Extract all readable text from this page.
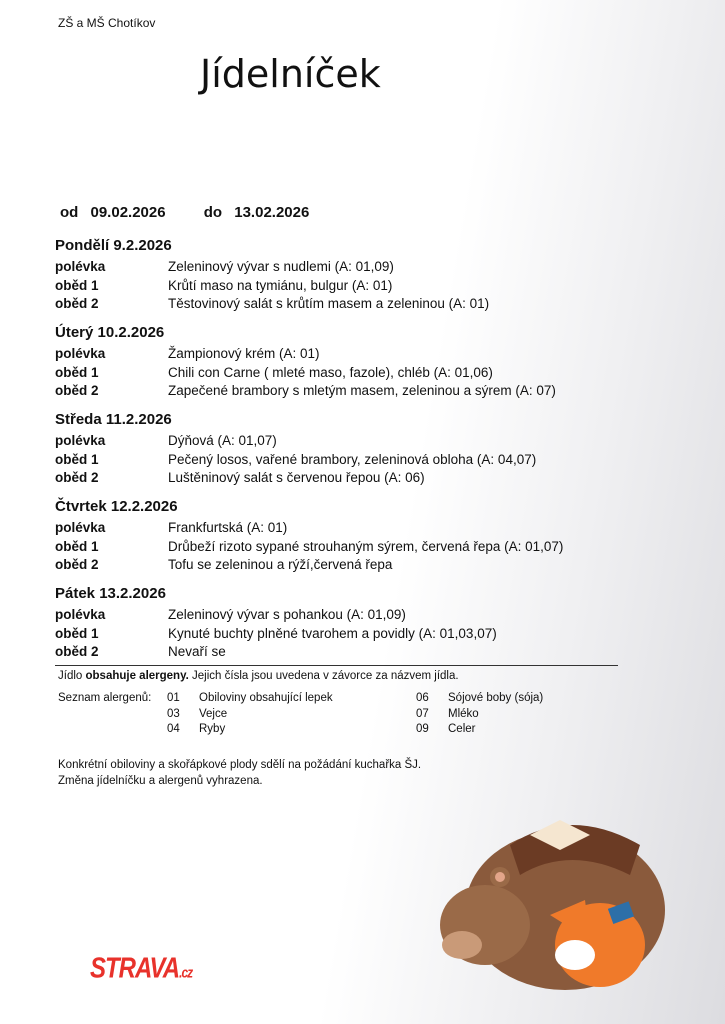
ZŠ a MŠ Chotíkov
Jídelníček
od 09.02.2026	do 13.02.2026
Pondělí 9.2.2026
polévka	Zeleninový vývar s nudlemi (A: 01,09)
oběd 1	Krůtí maso na tymiánu, bulgur (A: 01)
oběd 2	Těstovinový salát s krůtím masem a zeleninou (A: 01)
Úterý 10.2.2026
polévka	Žampionový krém (A: 01)
oběd 1	Chili con Carne ( mleté maso, fazole), chléb (A: 01,06)
oběd 2	Zapečené brambory s mletým masem, zeleninou a sýrem (A: 07)
Středa 11.2.2026
polévka	Dýňová (A: 01,07)
oběd 1	Pečený losos, vařené brambory, zeleninová obloha (A: 04,07)
oběd 2	Luštěninový salát s červenou řepou (A: 06)
Čtvrtek 12.2.2026
polévka	Frankfurtská (A: 01)
oběd 1	Drůbeží rizoto sypané strouhaným sýrem, červená řepa (A: 01,07)
oběd 2	Tofu se zeleninou a rýží,červená řepa
Pátek 13.2.2026
polévka	Zeleninový vývar s pohankou (A: 01,09)
oběd 1	Kynuté buchty plněné tvarohem a povidly (A: 01,03,07)
oběd 2	Nevaří se
Jídlo obsahuje alergeny. Jejich čísla jsou uvedena v závorce za názvem jídla.
Seznam alergenů: 01 Obiloviny obsahující lepek
03 Vejce
04 Ryby
06 Sójové boby (sója)
07 Mléko
09 Celer
Konkrétní obiloviny a skořápkové plody sdělí na požádání kuchařka ŠJ.
Změna jídelníčku a alergenů vyhrazena.
STRAVA.cz
